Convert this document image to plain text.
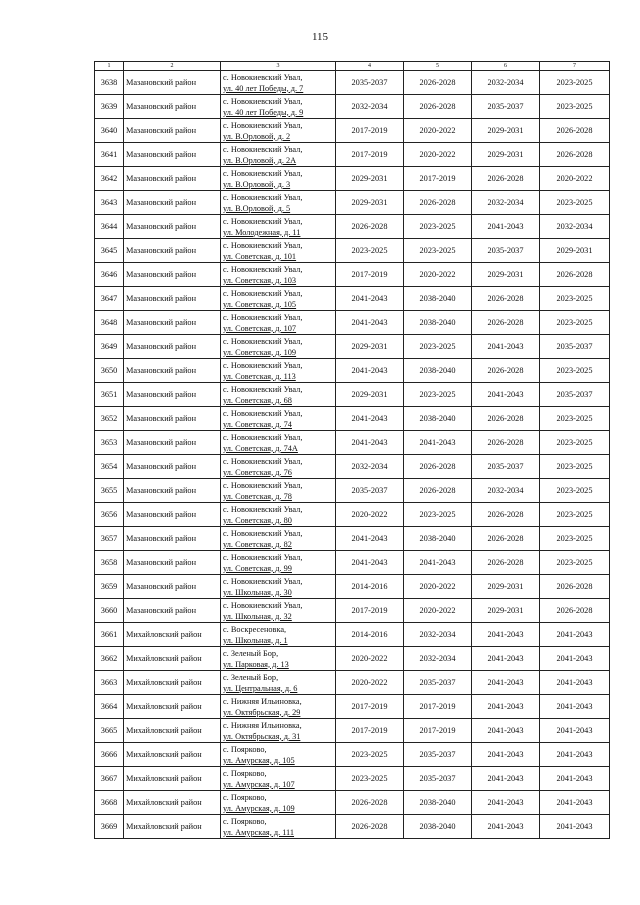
115
1	2	3	4	5	6	7
3638	Мазановский район	с. Новокиевский Увал,
ул. 40 лет Победы, д. 7	2035-2037	2026-2028	2032-2034	2023-2025
3639	Мазановский район	с. Новокиевский Увал,
ул. 40 лет Победы, д. 9	2032-2034	2026-2028	2035-2037	2023-2025
3640	Мазановский район	с. Новокиевский Увал,
ул. В.Орловой, д. 2	2017-2019	2020-2022	2029-2031	2026-2028
3641	Мазановский район	с. Новокиевский Увал,
ул. В.Орловой, д. 2А	2017-2019	2020-2022	2029-2031	2026-2028
3642	Мазановский район	с. Новокиевский Увал,
ул. В.Орловой, д. 3	2029-2031	2017-2019	2026-2028	2020-2022
3643	Мазановский район	с. Новокиевский Увал,
ул. В.Орловой, д. 5	2029-2031	2026-2028	2032-2034	2023-2025
3644	Мазановский район	с. Новокиевский Увал,
ул. Молодежная, д. 11	2026-2028	2023-2025	2041-2043	2032-2034
3645	Мазановский район	с. Новокиевский Увал,
ул. Советская, д. 101	2023-2025	2023-2025	2035-2037	2029-2031
3646	Мазановский район	с. Новокиевский Увал,
ул. Советская, д. 103	2017-2019	2020-2022	2029-2031	2026-2028
3647	Мазановский район	с. Новокиевский Увал,
ул. Советская, д. 105	2041-2043	2038-2040	2026-2028	2023-2025
3648	Мазановский район	с. Новокиевский Увал,
ул. Советская, д. 107	2041-2043	2038-2040	2026-2028	2023-2025
3649	Мазановский район	с. Новокиевский Увал,
ул. Советская, д. 109	2029-2031	2023-2025	2041-2043	2035-2037
3650	Мазановский район	с. Новокиевский Увал,
ул. Советская, д. 113	2041-2043	2038-2040	2026-2028	2023-2025
3651	Мазановский район	с. Новокиевский Увал,
ул. Советская, д. 68	2029-2031	2023-2025	2041-2043	2035-2037
3652	Мазановский район	с. Новокиевский Увал,
ул. Советская, д. 74	2041-2043	2038-2040	2026-2028	2023-2025
3653	Мазановский район	с. Новокиевский Увал,
ул. Советская, д. 74А	2041-2043	2041-2043	2026-2028	2023-2025
3654	Мазановский район	с. Новокиевский Увал,
ул. Советская, д. 76	2032-2034	2026-2028	2035-2037	2023-2025
3655	Мазановский район	с. Новокиевский Увал,
ул. Советская, д. 78	2035-2037	2026-2028	2032-2034	2023-2025
3656	Мазановский район	с. Новокиевский Увал,
ул. Советская, д. 80	2020-2022	2023-2025	2026-2028	2023-2025
3657	Мазановский район	с. Новокиевский Увал,
ул. Советская, д. 82	2041-2043	2038-2040	2026-2028	2023-2025
3658	Мазановский район	с. Новокиевский Увал,
ул. Советская, д. 99	2041-2043	2041-2043	2026-2028	2023-2025
3659	Мазановский район	с. Новокиевский Увал,
ул. Школьная, д. 30	2014-2016	2020-2022	2029-2031	2026-2028
3660	Мазановский район	с. Новокиевский Увал,
ул. Школьная, д. 32	2017-2019	2020-2022	2029-2031	2026-2028
3661	Михайловский район	с. Воскресеновка,
ул. Школьная, д. 1	2014-2016	2032-2034	2041-2043	2041-2043
3662	Михайловский район	с. Зеленый Бор,
ул. Парковая, д. 13	2020-2022	2032-2034	2041-2043	2041-2043
3663	Михайловский район	с. Зеленый Бор,
ул. Центральная, д. 6	2020-2022	2035-2037	2041-2043	2041-2043
3664	Михайловский район	с. Нижняя Ильиновка,
ул. Октябрьская, д. 29	2017-2019	2017-2019	2041-2043	2041-2043
3665	Михайловский район	с. Нижняя Ильиновка,
ул. Октябрьская, д. 31	2017-2019	2017-2019	2041-2043	2041-2043
3666	Михайловский район	с. Поярково,
ул. Амурская, д. 105	2023-2025	2035-2037	2041-2043	2041-2043
3667	Михайловский район	с. Поярково,
ул. Амурская, д. 107	2023-2025	2035-2037	2041-2043	2041-2043
3668	Михайловский район	с. Поярково,
ул. Амурская, д. 109	2026-2028	2038-2040	2041-2043	2041-2043
3669	Михайловский район	с. Поярково,
ул. Амурская, д. 111	2026-2028	2038-2040	2041-2043	2041-2043
